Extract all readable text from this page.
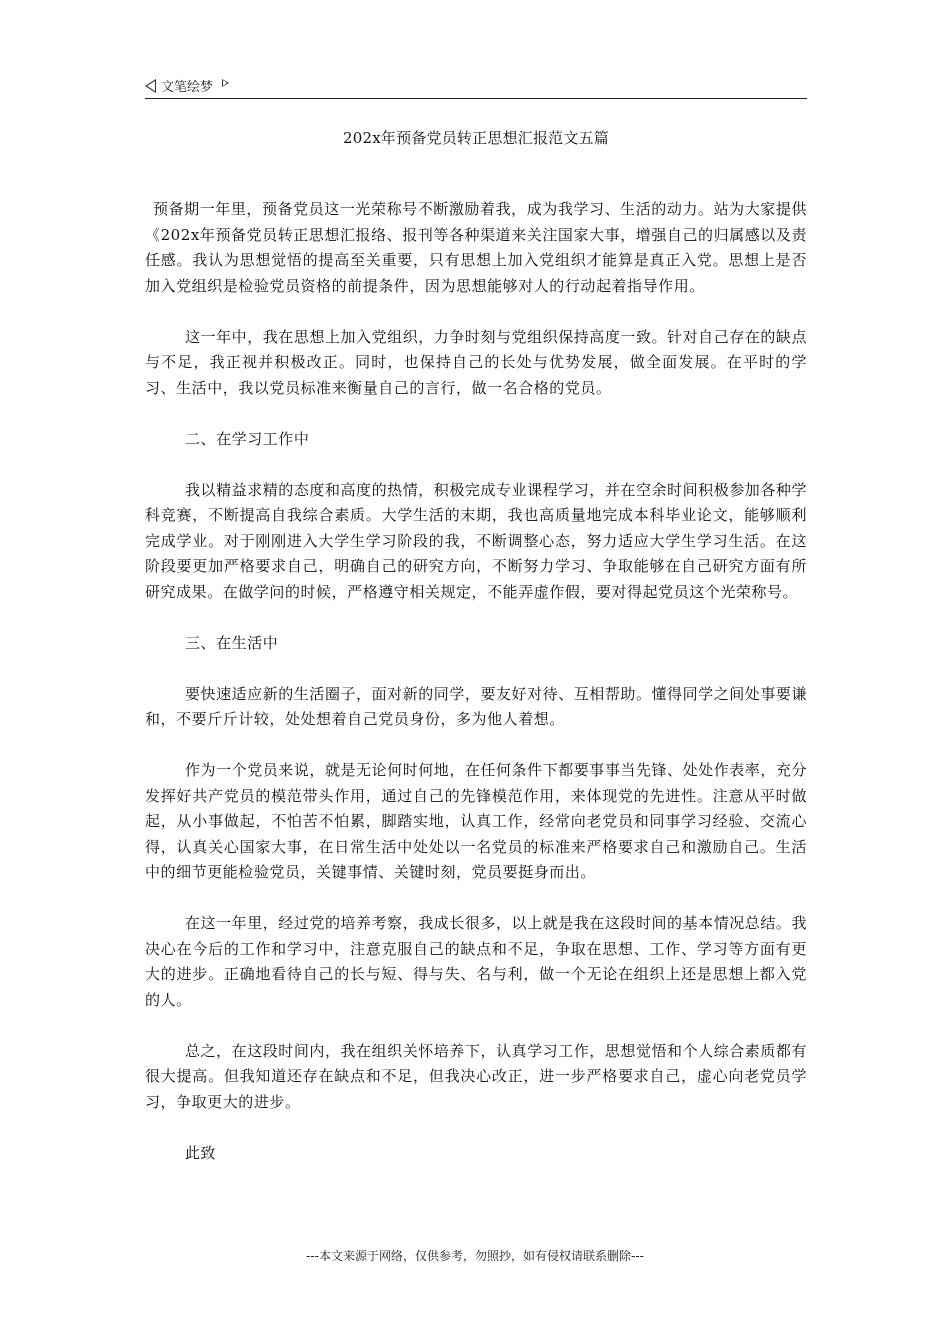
文笔绘梦
202x年预备党员转正思想汇报范文五篇

预备期一年里，预备党员这一光荣称号不断激励着我，成为我学习、生活的动力。站为大家提供《202x年预备党员转正思想汇报络、报刊等各种渠道来关注国家大事，增强自己的归属感以及责任感。我认为思想觉悟的提高至关重要，只有思想上加入党组织才能算是真正入党。思想上是否加入党组织是检验党员资格的前提条件，因为思想能够对人的行动起着指导作用。

这一年中，我在思想上加入党组织，力争时刻与党组织保持高度一致。针对自己存在的缺点与不足，我正视并积极改正。同时，也保持自己的长处与优势发展，做全面发展。在平时的学习、生活中，我以党员标准来衡量自己的言行，做一名合格的党员。

二、在学习工作中

我以精益求精的态度和高度的热情，积极完成专业课程学习，并在空余时间积极参加各种学科竞赛，不断提高自我综合素质。大学生活的末期，我也高质量地完成本科毕业论文，能够顺利完成学业。对于刚刚进入大学生学习阶段的我，不断调整心态，努力适应大学生学习生活。在这阶段要更加严格要求自己，明确自己的研究方向，不断努力学习、争取能够在自己研究方面有所研究成果。在做学问的时候，严格遵守相关规定，不能弄虚作假，要对得起党员这个光荣称号。

三、在生活中

要快速适应新的生活圈子，面对新的同学，要友好对待、互相帮助。懂得同学之间处事要谦和，不要斤斤计较，处处想着自己党员身份，多为他人着想。

作为一个党员来说，就是无论何时何地，在任何条件下都要事事当先锋、处处作表率，充分发挥好共产党员的模范带头作用，通过自己的先锋模范作用，来体现党的先进性。注意从平时做起，从小事做起，不怕苦不怕累，脚踏实地，认真工作，经常向老党员和同事学习经验、交流心得，认真关心国家大事，在日常生活中处处以一名党员的标准来严格要求自己和激励自己。生活中的细节更能检验党员，关键事情、关键时刻，党员要挺身而出。

在这一年里，经过党的培养考察，我成长很多，以上就是我在这段时间的基本情况总结。我决心在今后的工作和学习中，注意克服自己的缺点和不足，争取在思想、工作、学习等方面有更大的进步。正确地看待自己的长与短、得与失、名与利，做一个无论在组织上还是思想上都入党的人。

总之，在这段时间内，我在组织关怀培养下，认真学习工作，思想觉悟和个人综合素质都有很大提高。但我知道还存在缺点和不足，但我决心改正，进一步严格要求自己，虚心向老党员学习，争取更大的进步。

此致

---本文来源于网络，仅供参考，勿照抄，如有侵权请联系删除---
